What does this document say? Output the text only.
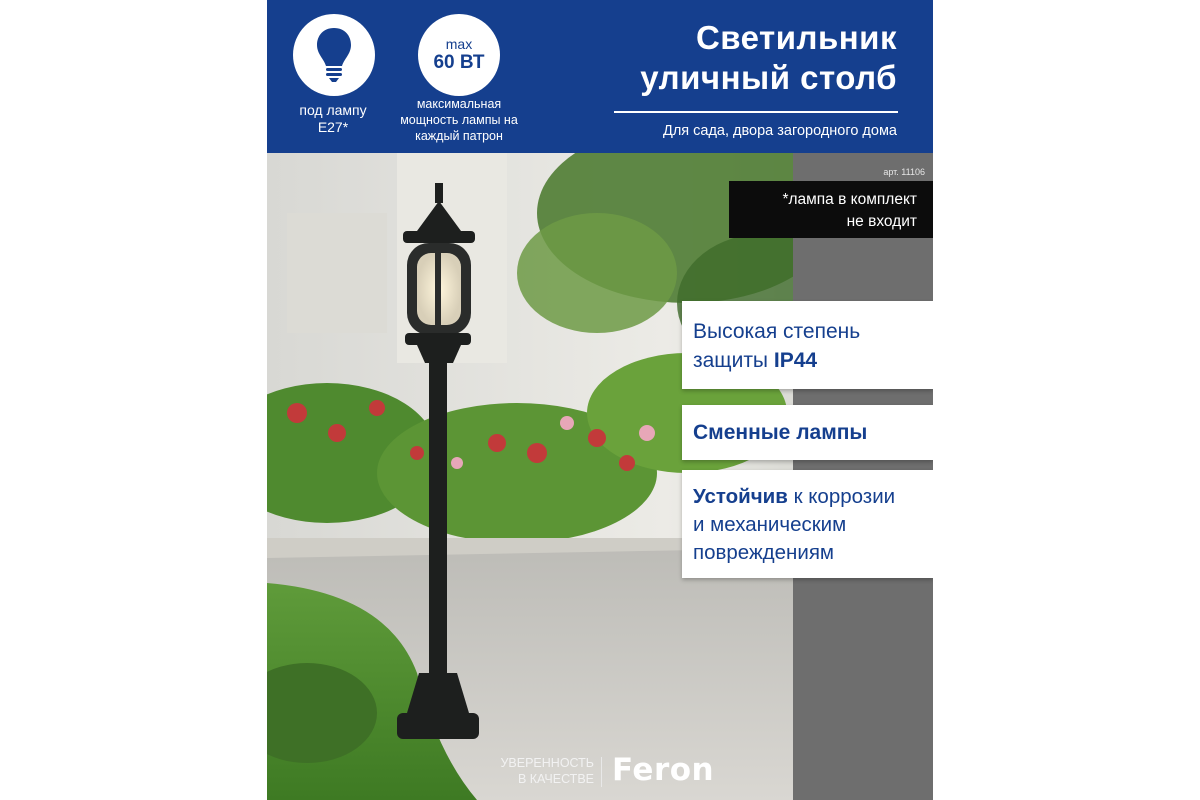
под лампу
E27*
max
60 ВТ
максимальная
мощность лампы на
каждый патрон
Светильник
уличный столб
Для сада, двора загородного дома
арт. 11106
*лампа в комплект
не входит
Высокая степень
защиты IP44
Сменные лампы
Устойчив к коррозии
и механическим
повреждениям
УВЕРЕННОСТЬ
В КАЧЕСТВЕ Feron
